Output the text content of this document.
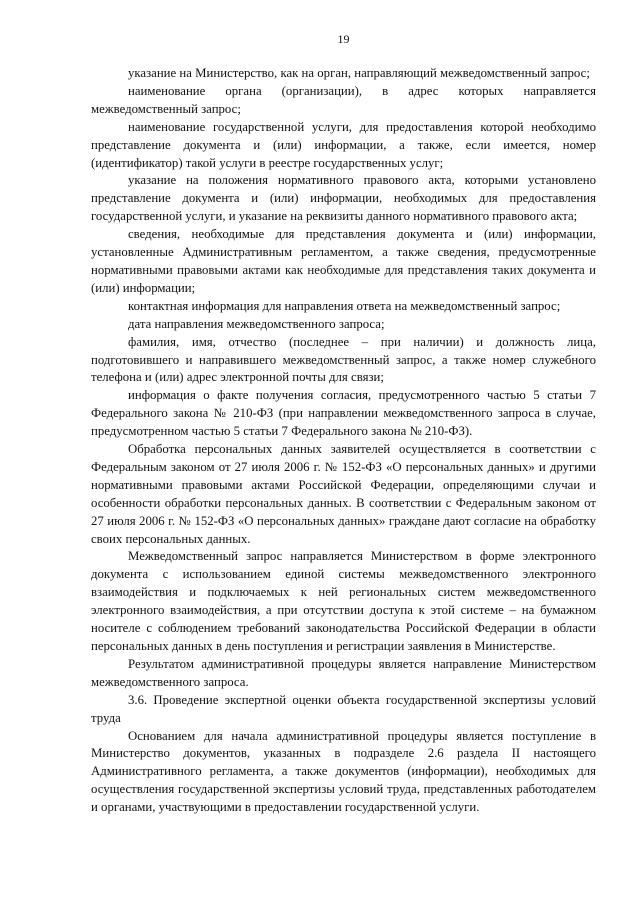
19

указание на Министерство, как на орган, направляющий межведомственный запрос;

наименование органа (организации), в адрес которых направляется межведомственный запрос;

наименование государственной услуги, для предоставления которой необходимо представление документа и (или) информации, а также, если имеется, номер (идентификатор) такой услуги в реестре государственных услуг;

указание на положения нормативного правового акта, которыми установлено представление документа и (или) информации, необходимых для предоставления государственной услуги, и указание на реквизиты данного нормативного правового акта;

сведения, необходимые для представления документа и (или) информации, установленные Административным регламентом, а также сведения, предусмотренные нормативными правовыми актами как необходимые для представления таких документа и (или) информации;

контактная информация для направления ответа на межведомственный запрос;

дата направления межведомственного запроса;

фамилия, имя, отчество (последнее – при наличии) и должность лица, подготовившего и направившего межведомственный запрос, а также номер служебного телефона и (или) адрес электронной почты для связи;

информация о факте получения согласия, предусмотренного частью 5 статьи 7 Федерального закона № 210-ФЗ (при направлении межведомственного запроса в случае, предусмотренном частью 5 статьи 7 Федерального закона № 210-ФЗ).

Обработка персональных данных заявителей осуществляется в соответствии с Федеральным законом от 27 июля 2006 г. № 152-ФЗ «О персональных данных» и другими нормативными правовыми актами Российской Федерации, определяющими случаи и особенности обработки персональных данных. В соответствии с Федеральным законом от 27 июля 2006 г. № 152-ФЗ «О персональных данных» граждане дают согласие на обработку своих персональных данных.

Межведомственный запрос направляется Министерством в форме электронного документа с использованием единой системы межведомственного электронного взаимодействия и подключаемых к ней региональных систем межведомственного электронного взаимодействия, а при отсутствии доступа к этой системе – на бумажном носителе с соблюдением требований законодательства Российской Федерации в области персональных данных в день поступления и регистрации заявления в Министерстве.

Результатом административной процедуры является направление Министерством межведомственного запроса.

3.6. Проведение экспертной оценки объекта государственной экспертизы условий труда

Основанием для начала административной процедуры является поступление в Министерство документов, указанных в подразделе 2.6 раздела II настоящего Административного регламента, а также документов (информации), необходимых для осуществления государственной экспертизы условий труда, представленных работодателем и органами, участвующими в предоставлении государственной услуги.
